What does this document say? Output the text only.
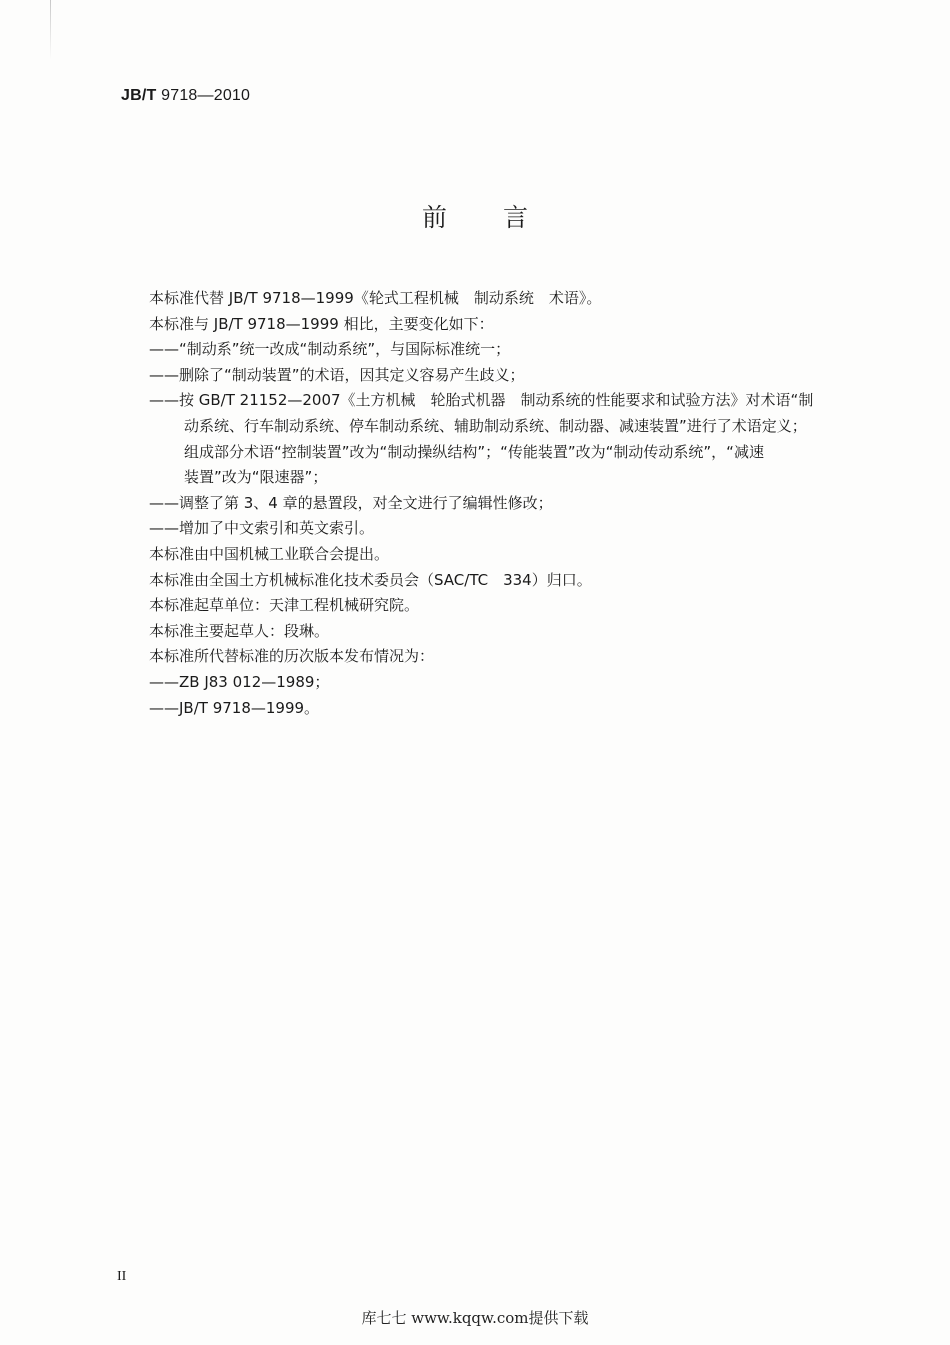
JB/T 9718—2010
前言
本标准代替 JB/T 9718—1999《轮式工程机械　制动系统　术语》。
本标准与 JB/T 9718—1999 相比，主要变化如下：
——“制动系”统一改成“制动系统”，与国际标准统一；
——删除了“制动装置”的术语，因其定义容易产生歧义；
——按 GB/T 21152—2007《土方机械　轮胎式机器　制动系统的性能要求和试验方法》对术语“制
动系统、行车制动系统、停车制动系统、辅助制动系统、制动器、减速装置”进行了术语定义；
组成部分术语“控制装置”改为“制动操纵结构”；“传能装置”改为“制动传动系统”，“减速
装置”改为“限速器”；
——调整了第 3、4 章的悬置段，对全文进行了编辑性修改；
——增加了中文索引和英文索引。
本标准由中国机械工业联合会提出。
本标准由全国土方机械标准化技术委员会（SAC/TC　334）归口。
本标准起草单位：天津工程机械研究院。
本标准主要起草人：段琳。
本标准所代替标准的历次版本发布情况为：
——ZB J83 012—1989；
——JB/T 9718—1999。
II
库七七 www.kqqw.com提供下载
